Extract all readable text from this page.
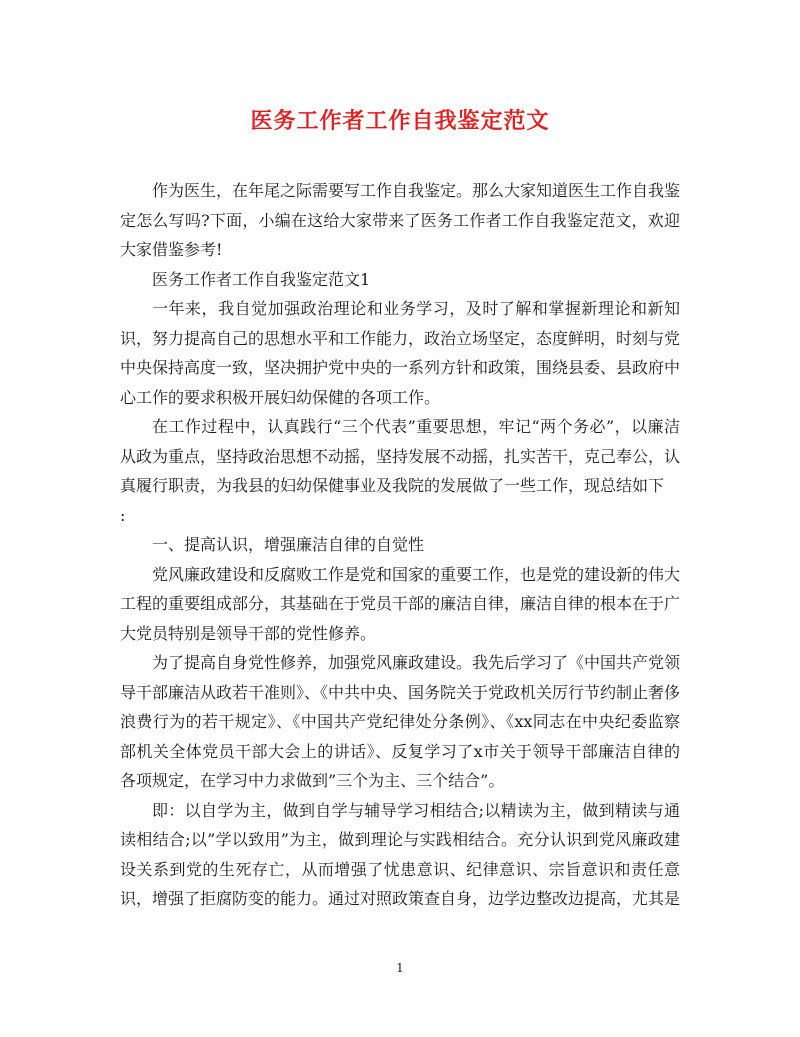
医务工作者工作自我鉴定范文

作为医生，在年尾之际需要写工作自我鉴定。那么大家知道医生工作自我鉴定怎么写吗?下面，小编在这给大家带来了医务工作者工作自我鉴定范文，欢迎大家借鉴参考!

医务工作者工作自我鉴定范文1

一年来，我自觉加强政治理论和业务学习，及时了解和掌握新理论和新知识，努力提高自己的思想水平和工作能力，政治立场坚定，态度鲜明，时刻与党中央保持高度一致，坚决拥护党中央的一系列方针和政策，围绕县委、县政府中心工作的要求积极开展妇幼保健的各项工作。

在工作过程中，认真践行“三个代表”重要思想，牢记“两个务必”，以廉洁从政为重点，坚持政治思想不动摇，坚持发展不动摇，扎实苦干，克己奉公，认真履行职责，为我县的妇幼保健事业及我院的发展做了一些工作，现总结如下

:

一、提高认识，增强廉洁自律的自觉性

党风廉政建设和反腐败工作是党和国家的重要工作，也是党的建设新的伟大工程的重要组成部分，其基础在于党员干部的廉洁自律，廉洁自律的根本在于广大党员特别是领导干部的党性修养。

为了提高自身党性修养，加强党风廉政建设。我先后学习了《中国共产党领导干部廉洁从政若干准则》、《中共中央、国务院关于党政机关厉行节约制止奢侈浪费行为的若干规定》、《中国共产党纪律处分条例》、《xx同志在中央纪委监察部机关全体党员干部大会上的讲话》、反复学习了x市关于领导干部廉洁自律的各项规定，在学习中力求做到”三个为主、三个结合”。

即：以自学为主，做到自学与辅导学习相结合;以精读为主，做到精读与通读相结合;以”学以致用”为主，做到理论与实践相结合。充分认识到党风廉政建设关系到党的生死存亡，从而增强了忧患意识、纪律意识、宗旨意识和责任意识，增强了拒腐防变的能力。通过对照政策查自身，边学边整改边提高，尤其是

1
